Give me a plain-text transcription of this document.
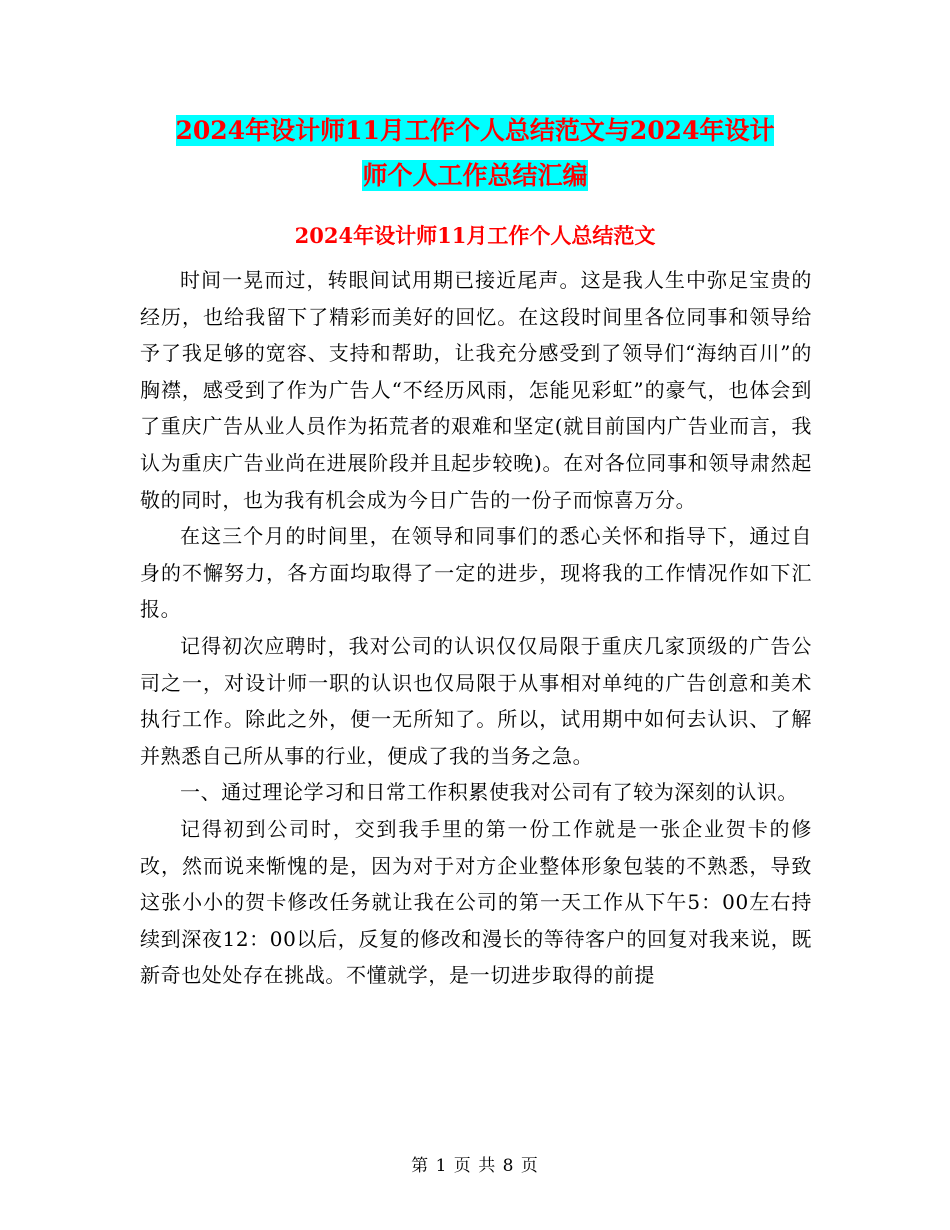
2024年设计师11月工作个人总结范文与2024年设计
师个人工作总结汇编
2024年设计师11月工作个人总结范文

时间一晃而过，转眼间试用期已接近尾声。这是我人生中弥足宝贵的经历，也给我留下了精彩而美好的回忆。在这段时间里各位同事和领导给予了我足够的宽容、支持和帮助，让我充分感受到了领导们“海纳百川”的胸襟，感受到了作为广告人“不经历风雨，怎能见彩虹”的豪气，也体会到了重庆广告从业人员作为拓荒者的艰难和坚定(就目前国内广告业而言，我认为重庆广告业尚在进展阶段并且起步较晚)。在对各位同事和领导肃然起敬的同时，也为我有机会成为今日广告的一份子而惊喜万分。

在这三个月的时间里，在领导和同事们的悉心关怀和指导下，通过自身的不懈努力，各方面均取得了一定的进步，现将我的工作情况作如下汇报。

记得初次应聘时，我对公司的认识仅仅局限于重庆几家顶级的广告公司之一，对设计师一职的认识也仅局限于从事相对单纯的广告创意和美术执行工作。除此之外，便一无所知了。所以，试用期中如何去认识、了解并熟悉自己所从事的行业，便成了我的当务之急。

一、通过理论学习和日常工作积累使我对公司有了较为深刻的认识。

记得初到公司时，交到我手里的第一份工作就是一张企业贺卡的修改，然而说来惭愧的是，因为对于对方企业整体形象包装的不熟悉，导致这张小小的贺卡修改任务就让我在公司的第一天工作从下午5：00左右持续到深夜12：00以后，反复的修改和漫长的等待客户的回复对我来说，既新奇也处处存在挑战。不懂就学，是一切进步取得的前提

第 1 页 共 8 页
